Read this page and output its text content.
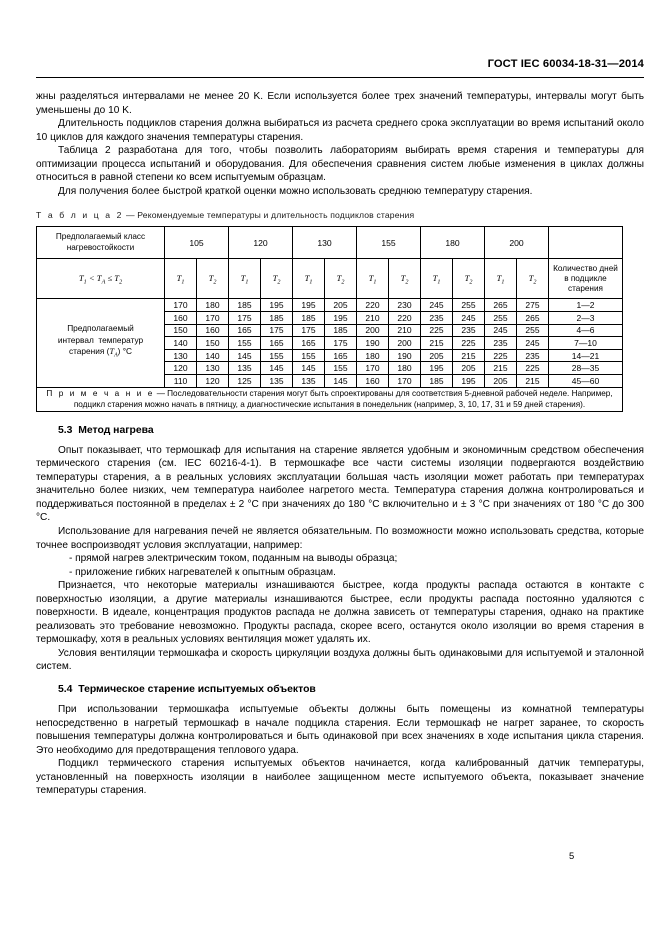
ГОСТ IEC 60034-18-31—2014

жны разделяться интервалами не менее 20 K. Если используется более трех значений температуры, интервалы могут быть уменьшены до 10 K.

Длительность подциклов старения должна выбираться из расчета среднего срока эксплуатации во время испытаний около 10 циклов для каждого значения температуры старения.

Таблица 2 разработана для того, чтобы позволить лабораториям выбирать время старения и температуры для оптимизации процесса испытаний и оборудования. Для обеспечения сравнения систем любые изменения в циклах должны относиться в равной степени ко всем испытуемым образцам.

Для получения более быстрой краткой оценки можно использовать среднюю температуру старения.

Т а б л и ц а 2 — Рекомендуемые температуры и длительность подциклов старения

Предполагаемый класс нагревостойкости	105		120		130		155		180		200		
$T_1 < T_A \le T_2$	$T_1$	$T_2$	$T_1$	$T_2$	$T_1$	$T_2$	$T_1$	$T_2$	$T_1$	$T_2$	$T_1$	$T_2$	Количество дней
в подцикле
старения
Предполагаемый
интервал  температур
старения $(T_A)$ °C	170	180	185	195	195	205	220	230	245	255	265	275	1—2
	160	170	175	185	185	195	210	220	235	245	255	265	2—3
	150	160	165	175	175	185	200	210	225	235	245	255	4—6
	140	150	155	165	165	175	190	200	215	225	235	245	7—10
	130	140	145	155	155	165	180	190	205	215	225	235	14—21
	120	130	135	145	145	155	170	180	195	205	215	225	28—35
	110	120	125	135	135	145	160	170	185	195	205	215	45—60
П р и м е ч а н и е — Последовательности старения могут быть спроектированы для соответствия 5-дневной рабочей неделе. Например, подцикл старения можно начать в пятницу, а диагностические испытания в понедельник (например, 3, 10, 17, 31 и 59 дней старения).													
5.3 Метод нагрева

Опыт показывает, что термошкаф для испытания на старение является удобным и экономичным средством обеспечения термического старения (см. IEC 60216-4-1). В термошкафе все части системы изоляции подвергаются воздействию температуры старения, а в реальных условиях эксплуатации большая часть изоляции может работать при температурах значительно более низких, чем температура наиболее нагретого места. Температура старения должна контролироваться и поддерживаться постоянной в пределах ± 2 °C при значениях до 180 °C включительно и ± 3 °C при значениях от 180 °C до 300 °C.

Использование для нагревания печей не является обязательным. По возможности можно использовать средства, которые точнее воспроизводят условия эксплуатации, например:

- прямой нагрев электрическим током, поданным на выводы образца;

- приложение гибких нагревателей к опытным образцам.

Признается, что некоторые материалы изнашиваются быстрее, когда продукты распада остаются в контакте с поверхностью изоляции, а другие материалы изнашиваются быстрее, если продукты распада постоянно удаляются с поверхности. В идеале, концентрация продуктов распада не должна зависеть от температуры старения, однако на практике реализовать это требование невозможно. Продукты распада, скорее всего, останутся около изоляции во время старения в термошкафу, хотя в реальных условиях вентиляция может удалять их.

Условия вентиляции термошкафа и скорость циркуляции воздуха должны быть одинаковыми для испытуемой и эталонной систем.

5.4 Термическое старение испытуемых объектов

При использовании термошкафа испытуемые объекты должны быть помещены из комнатной температуры непосредственно в нагретый термошкаф в начале подцикла старения. Если термошкаф не нагрет заранее, то скорость повышения температуры должна контролироваться и быть одинаковой при всех значениях в ходе испытания цикла старения. Это необходимо для предотвращения теплового удара.

Подцикл термического старения испытуемых объектов начинается, когда калиброванный датчик температуры, установленный на поверхность изоляции в наиболее защищенном месте испытуемого объекта, показывает значение температуры старения.

5
